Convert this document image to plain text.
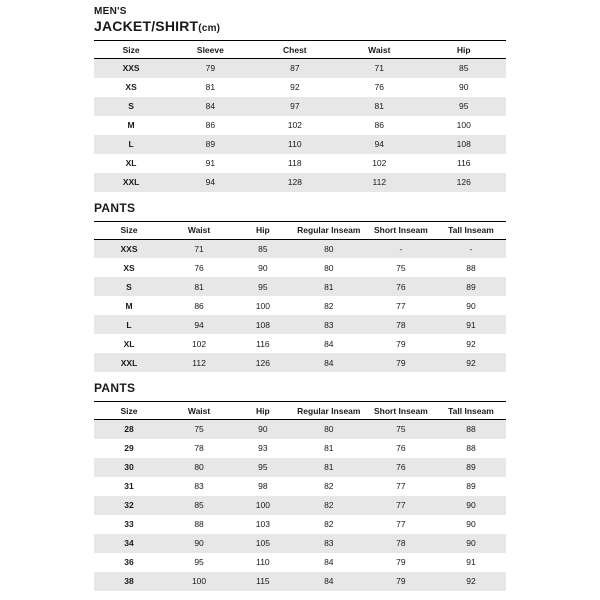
MEN'S
JACKET/SHIRT(cm)
Size	Sleeve	Chest	Waist	Hip
XXS	79	87	71	85
XS	81	92	76	90
S	84	97	81	95
M	86	102	86	100
L	89	110	94	108
XL	91	118	102	116
XXL	94	128	112	126
PANTS
Size	Waist	Hip	Regular Inseam	Short Inseam	Tall Inseam
XXS	71	85	80	-	-
XS	76	90	80	75	88
S	81	95	81	76	89
M	86	100	82	77	90
L	94	108	83	78	91
XL	102	116	84	79	92
XXL	112	126	84	79	92
PANTS
Size	Waist	Hip	Regular Inseam	Short Inseam	Tall Inseam
28	75	90	80	75	88
29	78	93	81	76	88
30	80	95	81	76	89
31	83	98	82	77	89
32	85	100	82	77	90
33	88	103	82	77	90
34	90	105	83	78	90
36	95	110	84	79	91
38	100	115	84	79	92
